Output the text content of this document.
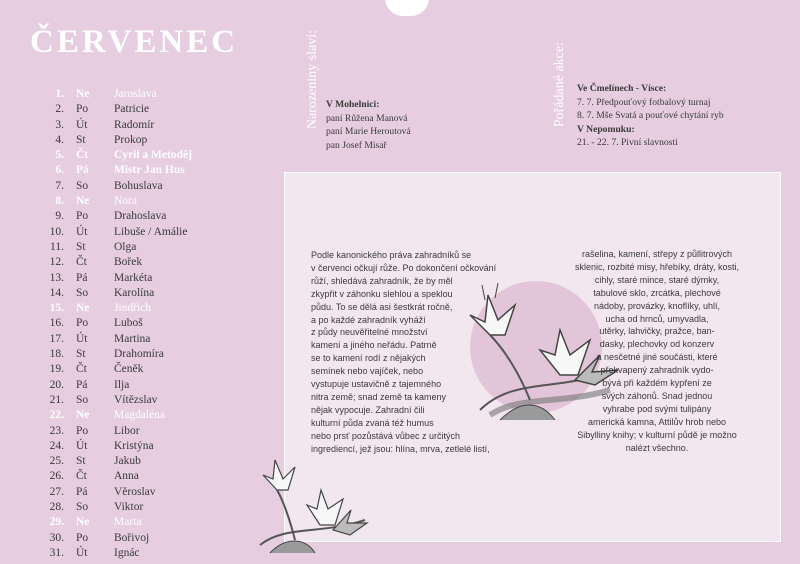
ČERVENEC
1.	Ne	Jaroslava
2.	Po	Patricie
3.	Út	Radomír
4.	St	Prokop
5.	Čt	Cyril a Metoděj
6.	Pá	Mistr Jan Hus
7.	So	Bohuslava
8.	Ne	Nora
9.	Po	Drahoslava
10.	Út	Libuše / Amálie
11.	St	Olga
12.	Čt	Bořek
13.	Pá	Markéta
14.	So	Karolína
15.	Ne	Jindřich
16.	Po	Luboš
17.	Út	Martina
18.	St	Drahomíra
19.	Čt	Čeněk
20.	Pá	Ilja
21.	So	Vítězslav
22.	Ne	Magdaléna
23.	Po	Libor
24.	Út	Kristýna
25.	St	Jakub
26.	Čt	Anna
27.	Pá	Věroslav
28.	So	Viktor
29.	Ne	Marta
30.	Po	Bořivoj
31.	Út	Ignác
Narozeniny slaví: V Mohelnici:
paní Růžena Manová
paní Marie Heroutová
pan Josef Misař
Pořádané akce: Ve Čmelínech - Vísce:
7. 7. Předpouťový fotbalový turnaj
8. 7. Mše Svatá a pouťové chytání ryb
V Nepomuku:
21. - 22. 7. Pivní slavnosti
Podle kanonického práva zahradníků se
v červenci očkují růže. Po dokončení očkování
růží, shledává zahradník, že by měl
zkypřit v záhonku slehlou a speklou
půdu. To se dělá asi šestkrát ročně,
a po každé zahradník vyháží
z půdy neuvěřitelné množství
kamení a jiného neřádu. Patrně
se to kamení rodí z nějakých
semínek nebo vajíček, nebo
vystupuje ustavičně z tajemného
nitra země; snad země ta kameny
nějak vypocuje. Zahradní čili
kulturní půda zvaná též humus
nebo prsť pozůstává vůbec z určitých
ingrediencí, jež jsou: hlína, mrva, zetlelé listí,
rašelina, kamení, střepy z půllitrových
sklenic, rozbité misy, hřebíky, dráty, kosti,
cihly, staré mince, staré dýmky,
tabulové sklo, zrcátka, plechové
nádoby, provázky, knoflíky, uhlí,
ucha od hrnců, umyvadla,
utěrky, lahvičky, pražce, ban-
dasky, plechovky od konzerv
a nesčetné jiné součásti, které
překvapený zahradník vydo-
bývá při každém kypření ze
svých záhonů. Snad jednou
vyhrabe pod svými tulipány
americká kamna, Attilův hrob nebo
Sibylliny knihy; v kulturní půdě je možno
nalézt všechno.
